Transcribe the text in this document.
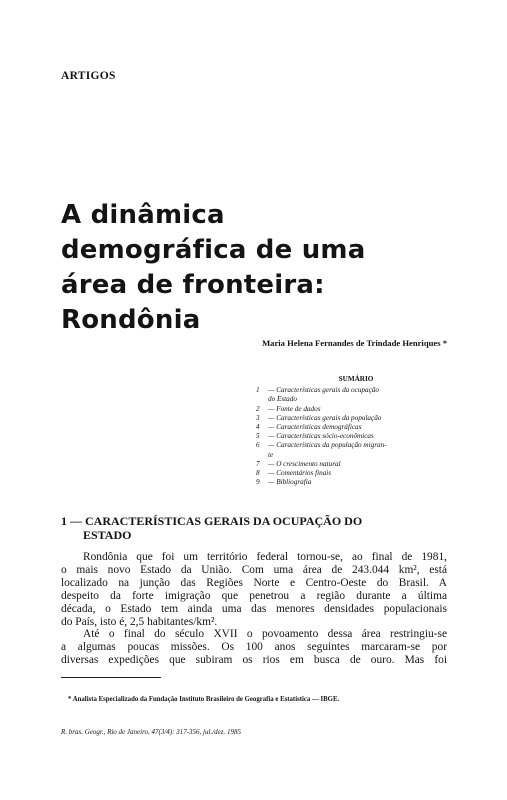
ARTIGOS
A dinâmica
demográfica de uma
área de fronteira:
Rondônia
Maria Helena Fernandes de Trindade Henriques *
SUMÁRIO
1	— Características gerais da ocupação
do Estado
2	— Fonte de dados
3	— Características gerais da população
4	— Características demográficas
5	— Características sócio-econômicas
6	— Características da população migran-
te
7	— O crescimento natural
8	— Comentários finais
9	— Bibliografia
1 — CARACTERÍSTICAS GERAIS DA OCUPAÇÃO DO
ESTADO
Rondônia que foi um território federal tornou-se, ao final de 1981,
o mais novo Estado da União. Com uma área de 243.044 km², está
localizado na junção das Regiões Norte e Centro-Oeste do Brasil. A
despeito da forte imigração que penetrou a região durante a última
década, o Estado tem ainda uma das menores densidades populacionais
do País, isto é, 2,5 habitantes/km².
Até o final do século XVII o povoamento dessa área restringiu-se
a algumas poucas missões. Os 100 anos seguintes marcaram-se por
diversas expedições que subiram os rios em busca de ouro. Mas foi
* Analista Especializado da Fundação Instituto Brasileiro de Geografia e Estatística — IBGE.
R. bras. Geogr., Rio de Janeiro, 47(3/4): 317-356, jul./dez. 1985
